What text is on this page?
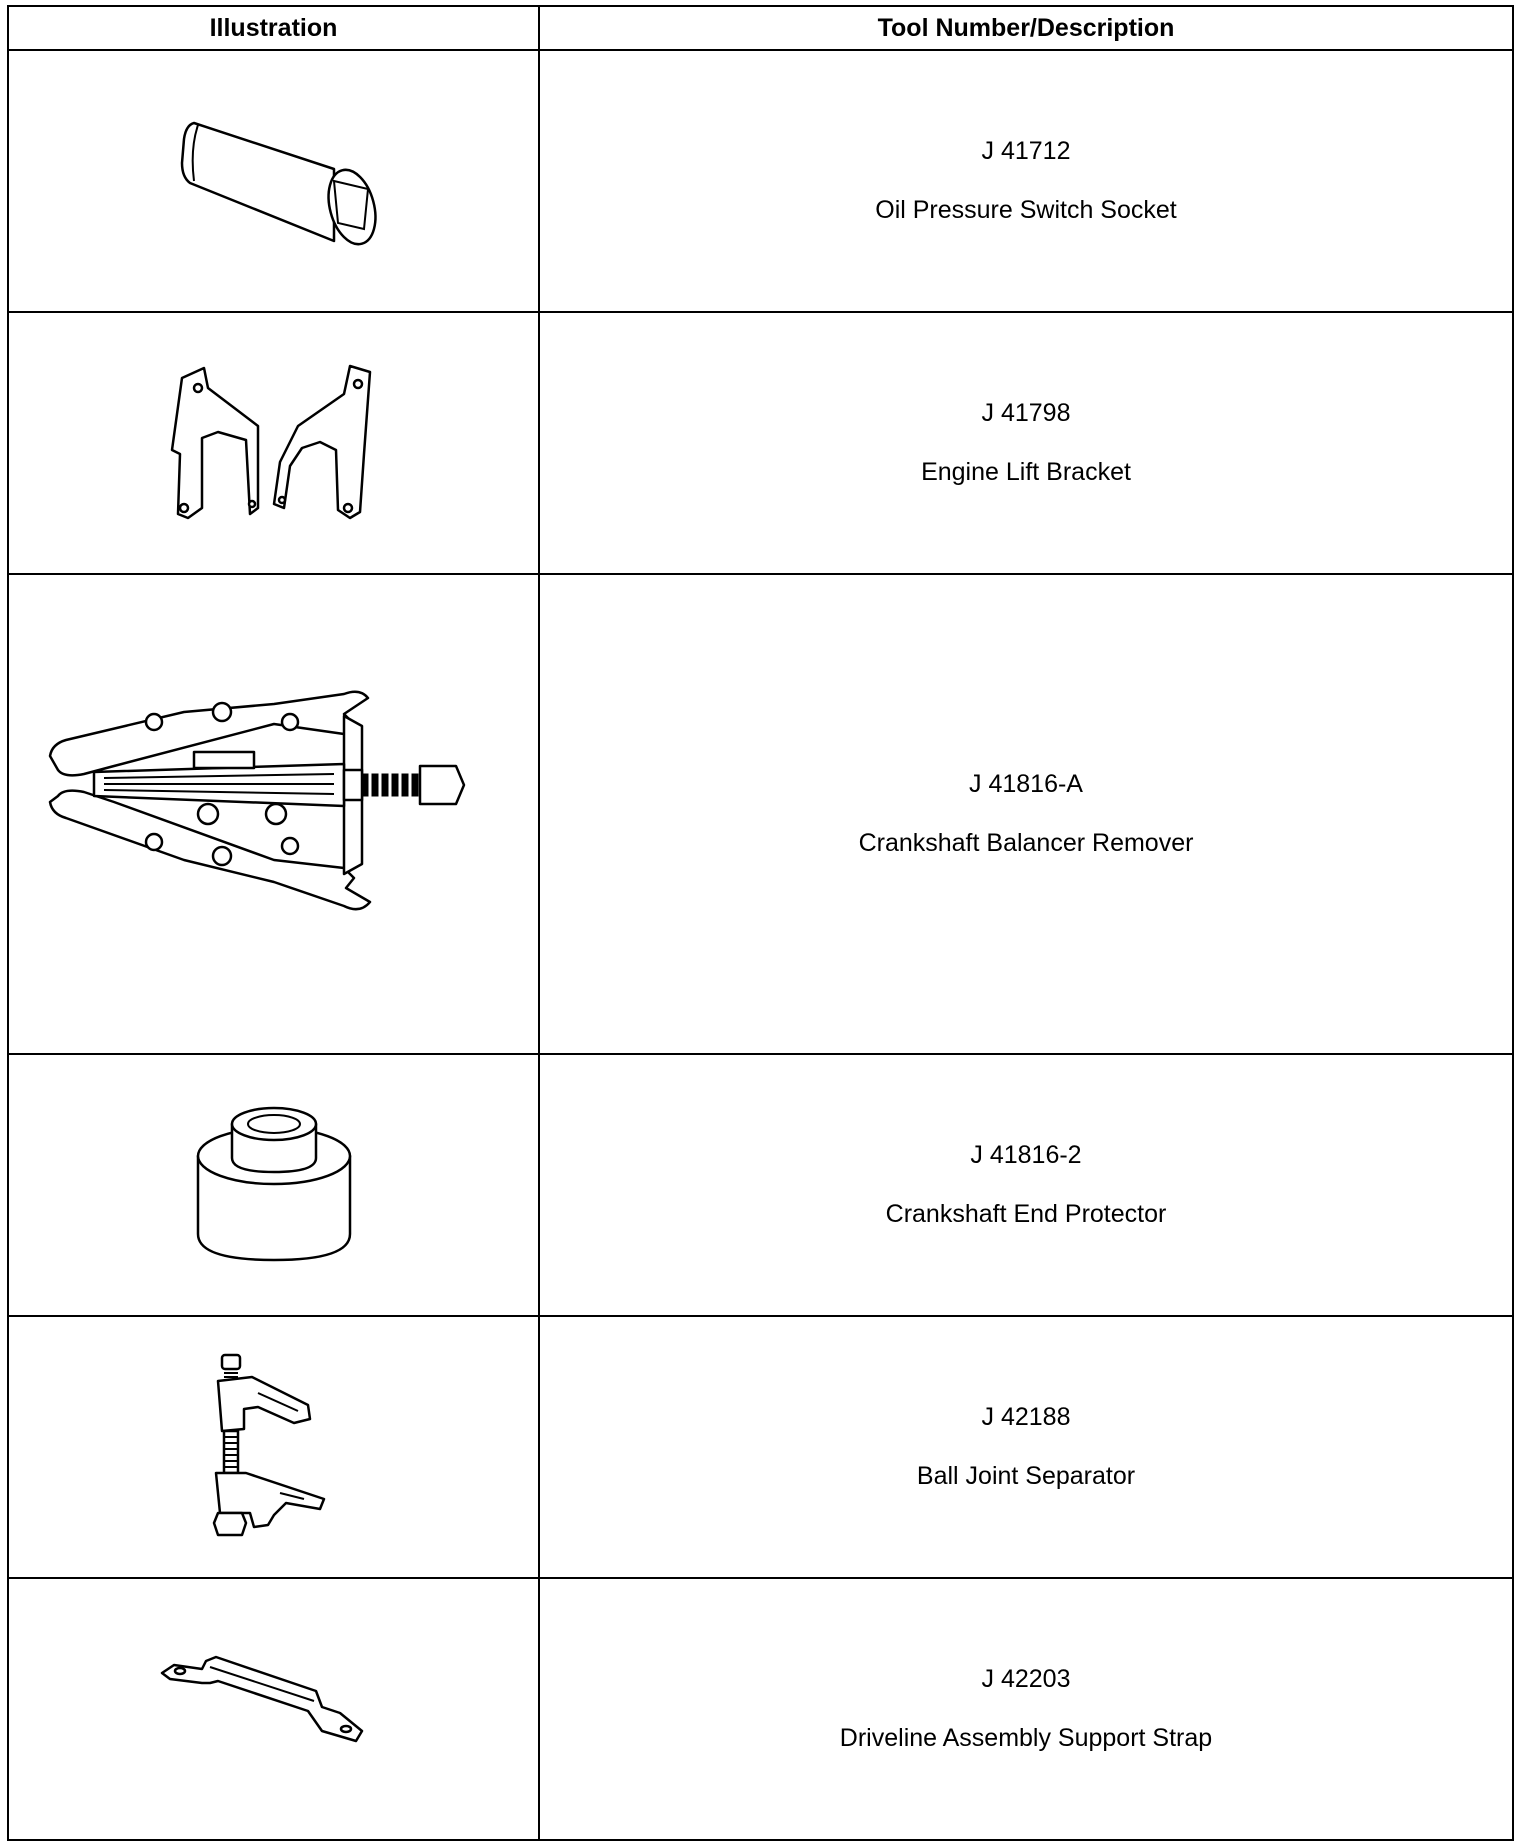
Illustration	Tool Number/Description

J 41712
Oil Pressure Switch Socket

J 41798
Engine Lift Bracket

J 41816-A
Crankshaft Balancer Remover

J 41816-2
Crankshaft End Protector

J 42188
Ball Joint Separator

J 42203
Driveline Assembly Support Strap
